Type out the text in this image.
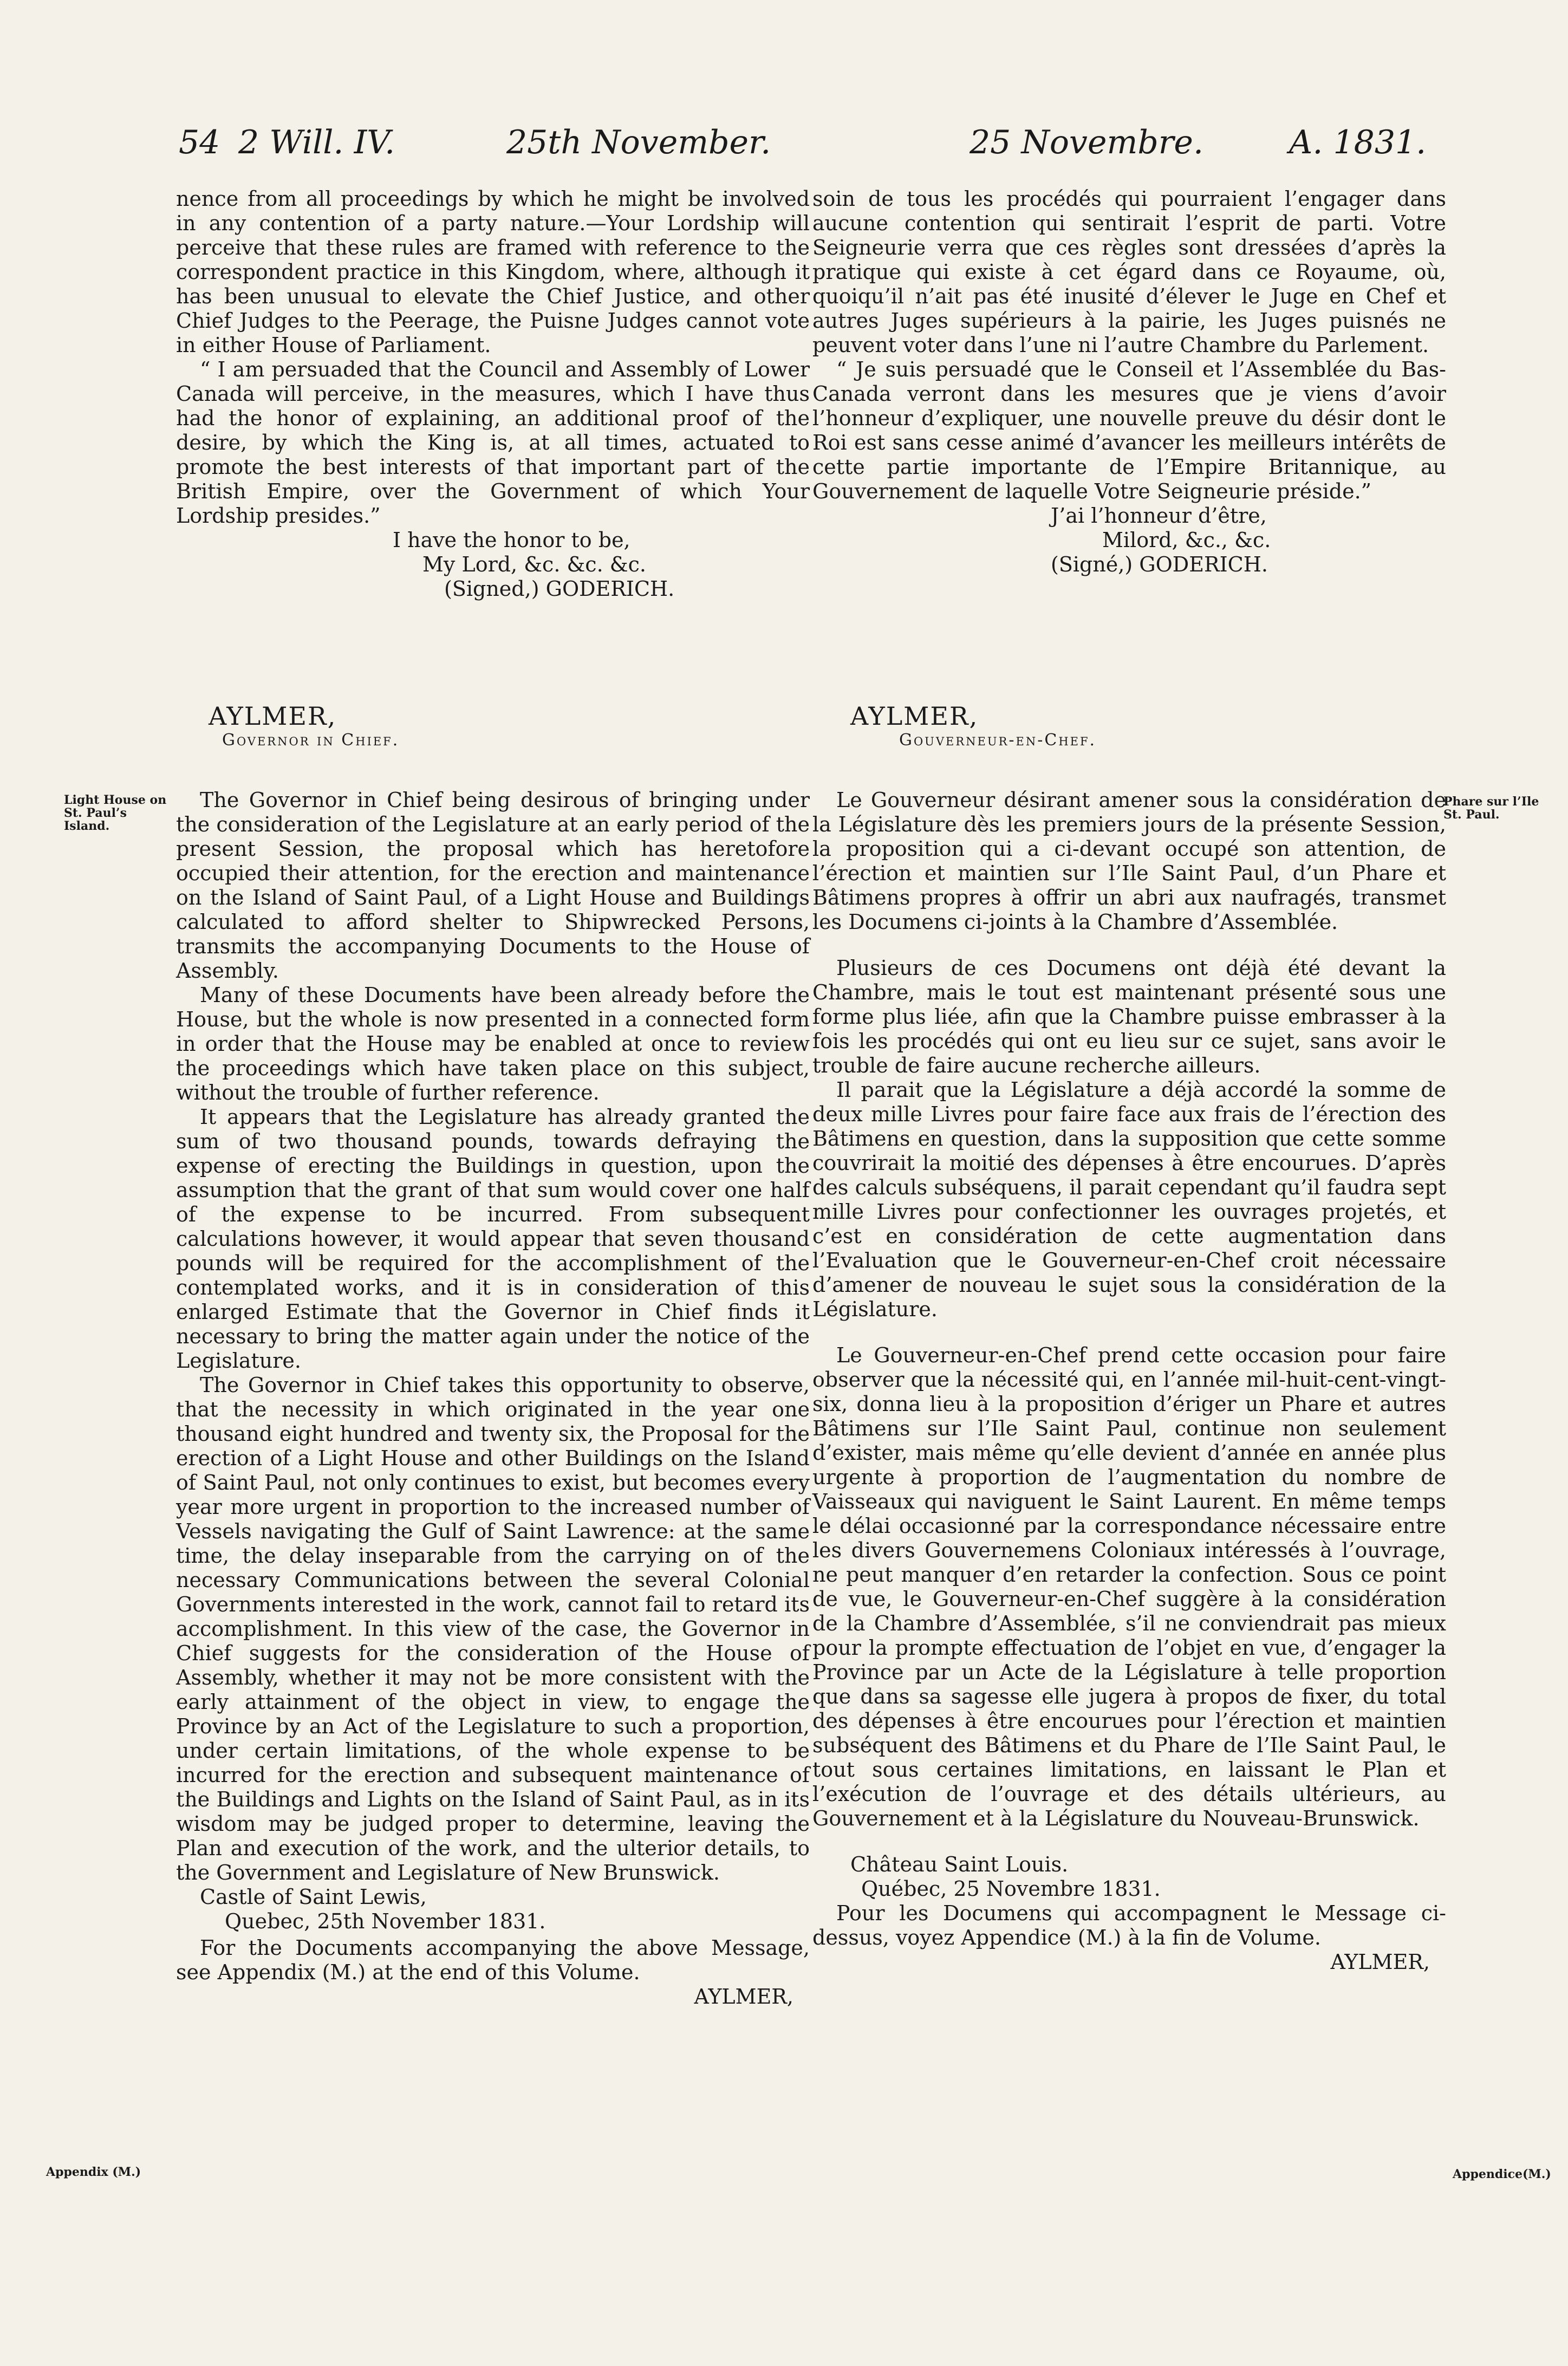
54 2 Will. IV.	25th November.	25 Novembre.	A. 1831.

nence from all proceedings by which he might be involved in any contention of a party nature.—Your Lordship will perceive that these rules are framed with reference to the correspondent practice in this Kingdom, where, although it has been unusual to elevate the Chief Justice, and other Chief Judges to the Peerage, the Puisne Judges cannot vote in either House of Parliament.

“ I am persuaded that the Council and Assembly of Lower Canada will perceive, in the measures, which I have thus had the honor of explaining, an additional proof of the desire, by which the King is, at all times, actuated to promote the best interests of that important part of the British Empire, over the Government of which Your Lordship presides.”

I have the honor to be,
My Lord, &c. &c. &c.
(Signed,) GODERICH.

soin de tous les procédés qui pourraient l’engager dans aucune contention qui sentirait l’esprit de parti. Votre Seigneurie verra que ces règles sont dressées d’après la pratique qui existe à cet égard dans ce Royaume, où, quoiqu’il n’ait pas été inusité d’élever le Juge en Chef et autres Juges supérieurs à la pairie, les Juges puisnés ne peuvent voter dans l’une ni l’autre Chambre du Parlement.

“ Je suis persuadé que le Conseil et l’Assemblée du Bas-Canada verront dans les mesures que je viens d’avoir l’honneur d’expliquer, une nouvelle preuve du désir dont le Roi est sans cesse animé d’avancer les meilleurs intérêts de cette partie importante de l’Empire Britannique, au Gouvernement de laquelle Votre Seigneurie préside.”

J’ai l’honneur d’être,
Milord, &c., &c.
(Signé,) GODERICH.
AYLMER,
Governor in Chief.
AYLMER,
Gouverneur-en-Chef.
Light House on St. Paul’s Island.
Phare sur l’Ile St. Paul.
Appendix (M.)	Appendice(M.)

The Governor in Chief being desirous of bringing under the consideration of the Legislature at an early period of the present Session, the proposal which has heretofore occupied their attention, for the erection and maintenance on the Island of Saint Paul, of a Light House and Buildings calculated to afford shelter to Shipwrecked Persons, transmits the accompanying Documents to the House of Assembly.

Many of these Documents have been already before the House, but the whole is now presented in a connected form in order that the House may be enabled at once to review the proceedings which have taken place on this subject, without the trouble of further reference.

It appears that the Legislature has already granted the sum of two thousand pounds, towards defraying the expense of erecting the Buildings in question, upon the assumption that the grant of that sum would cover one half of the expense to be incurred. From subsequent calculations however, it would appear that seven thousand pounds will be required for the accomplishment of the contemplated works, and it is in consideration of this enlarged Estimate that the Governor in Chief finds it necessary to bring the matter again under the notice of the Legislature.

The Governor in Chief takes this opportunity to observe, that the necessity in which originated in the year one thousand eight hundred and twenty six, the Proposal for the erection of a Light House and other Buildings on the Island of Saint Paul, not only continues to exist, but becomes every year more urgent in proportion to the increased number of Vessels navigating the Gulf of Saint Lawrence: at the same time, the delay inseparable from the carrying on of the necessary Communications between the several Colonial Governments interested in the work, cannot fail to retard its accomplishment. In this view of the case, the Governor in Chief suggests for the consideration of the House of Assembly, whether it may not be more consistent with the early attainment of the object in view, to engage the Province by an Act of the Legislature to such a proportion, under certain limitations, of the whole expense to be incurred for the erection and subsequent maintenance of the Buildings and Lights on the Island of Saint Paul, as in its wisdom may be judged proper to determine, leaving the Plan and execution of the work, and the ulterior details, to the Government and Legislature of New Brunswick.

Castle of Saint Lewis,

Quebec, 25th November 1831.

For the Documents accompanying the above Message, see Appendix (M.) at the end of this Volume.

AYLMER,

Le Gouverneur désirant amener sous la considération de la Législature dès les premiers jours de la présente Session, la proposition qui a ci-devant occupé son attention, de l’érection et maintien sur l’Ile Saint Paul, d’un Phare et Bâtimens propres à offrir un abri aux naufragés, transmet les Documens ci-joints à la Chambre d’Assemblée.

Plusieurs de ces Documens ont déjà été devant la Chambre, mais le tout est maintenant présenté sous une forme plus liée, afin que la Chambre puisse embrasser à la fois les procédés qui ont eu lieu sur ce sujet, sans avoir le trouble de faire aucune recherche ailleurs.

Il parait que la Législature a déjà accordé la somme de deux mille Livres pour faire face aux frais de l’érection des Bâtimens en question, dans la supposition que cette somme couvrirait la moitié des dépenses à être encourues. D’après des calculs subséquens, il parait cependant qu’il faudra sept mille Livres pour confectionner les ouvrages projetés, et c’est en considération de cette augmentation dans l’Evaluation que le Gouverneur-en-Chef croit nécessaire d’amener de nouveau le sujet sous la considération de la Législature.

Le Gouverneur-en-Chef prend cette occasion pour faire observer que la nécessité qui, en l’année mil-huit-cent-vingt-six, donna lieu à la proposition d’ériger un Phare et autres Bâtimens sur l’Ile Saint Paul, continue non seulement d’exister, mais même qu’elle devient d’année en année plus urgente à proportion de l’augmentation du nombre de Vaisseaux qui naviguent le Saint Laurent. En même temps le délai occasionné par la correspondance nécessaire entre les divers Gouvernemens Coloniaux intéressés à l’ouvrage, ne peut manquer d’en retarder la confection. Sous ce point de vue, le Gouverneur-en-Chef suggère à la considération de la Chambre d’Assemblée, s’il ne conviendrait pas mieux pour la prompte effectuation de l’objet en vue, d’engager la Province par un Acte de la Législature à telle proportion que dans sa sagesse elle jugera à propos de fixer, du total des dépenses à être encourues pour l’érection et maintien subséquent des Bâtimens et du Phare de l’Ile Saint Paul, le tout sous certaines limitations, en laissant le Plan et l’exécution de l’ouvrage et des détails ultérieurs, au Gouvernement et à la Législature du Nouveau-Brunswick.

Château Saint Louis.

Québec, 25 Novembre 1831.

Pour les Documens qui accompagnent le Message ci-dessus, voyez Appendice (M.) à la fin de Volume.

AYLMER,
